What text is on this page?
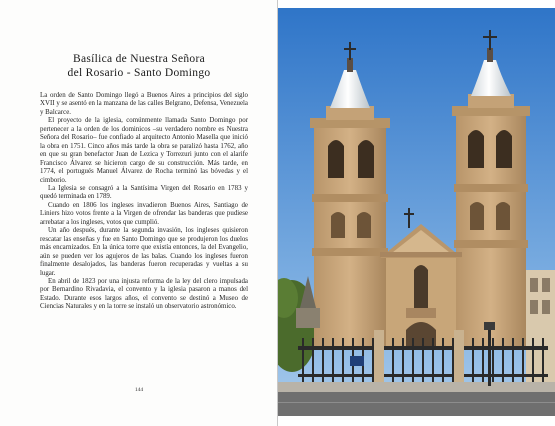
Basílica de Nuestra Señora
del Rosario - Santo Domingo

La orden de Santo Domingo llegó a Buenos Aires a principios del siglo XVII y se asentó en la manzana de las calles Belgrano, Defensa, Venezuela y Balcarce.

El proyecto de la iglesia, comúnmente llamada Santo Domingo por pertenecer a la orden de los dominicos –su verdadero nombre es Nuestra Señora del Rosario– fue confiado al arquitecto Antonio Masella que inició la obra en 1751. Cinco años más tarde la obra se paralizó hasta 1762, año en que su gran benefactor Juan de Lezica y Torrezuri junto con el alarife Francisco Álvarez se hicieron cargo de su construcción. Más tarde, en 1774, el portugués Manuel Álvarez de Rocha terminó las bóvedas y el cimborio.

La Iglesia se consagró a la Santísima Virgen del Rosario en 1783 y quedó terminada en 1789.

Cuando en 1806 los ingleses invadieron Buenos Aires, Santiago de Liniers hizo votos frente a la Virgen de ofrendar las banderas que pudiese arrebatar a los ingleses, votos que cumplió.

Un año después, durante la segunda invasión, los ingleses quisieron rescatar las enseñas y fue en Santo Domingo que se produjeron los duelos más encarnizados. En la única torre que existía entonces, la del Evangelio, aún se pueden ver los agujeros de las balas. Cuando los ingleses fueron finalmente desalojados, las banderas fueron recuperadas y vueltas a su lugar.

En abril de 1823 por una injusta reforma de la ley del clero impulsada por Bernardino Rivadavia, el convento y la iglesia pasaron a manos del Estado. Durante esos largos años, el convento se destinó a Museo de Ciencias Naturales y en la torre se instaló un observatorio astronómico.

144
